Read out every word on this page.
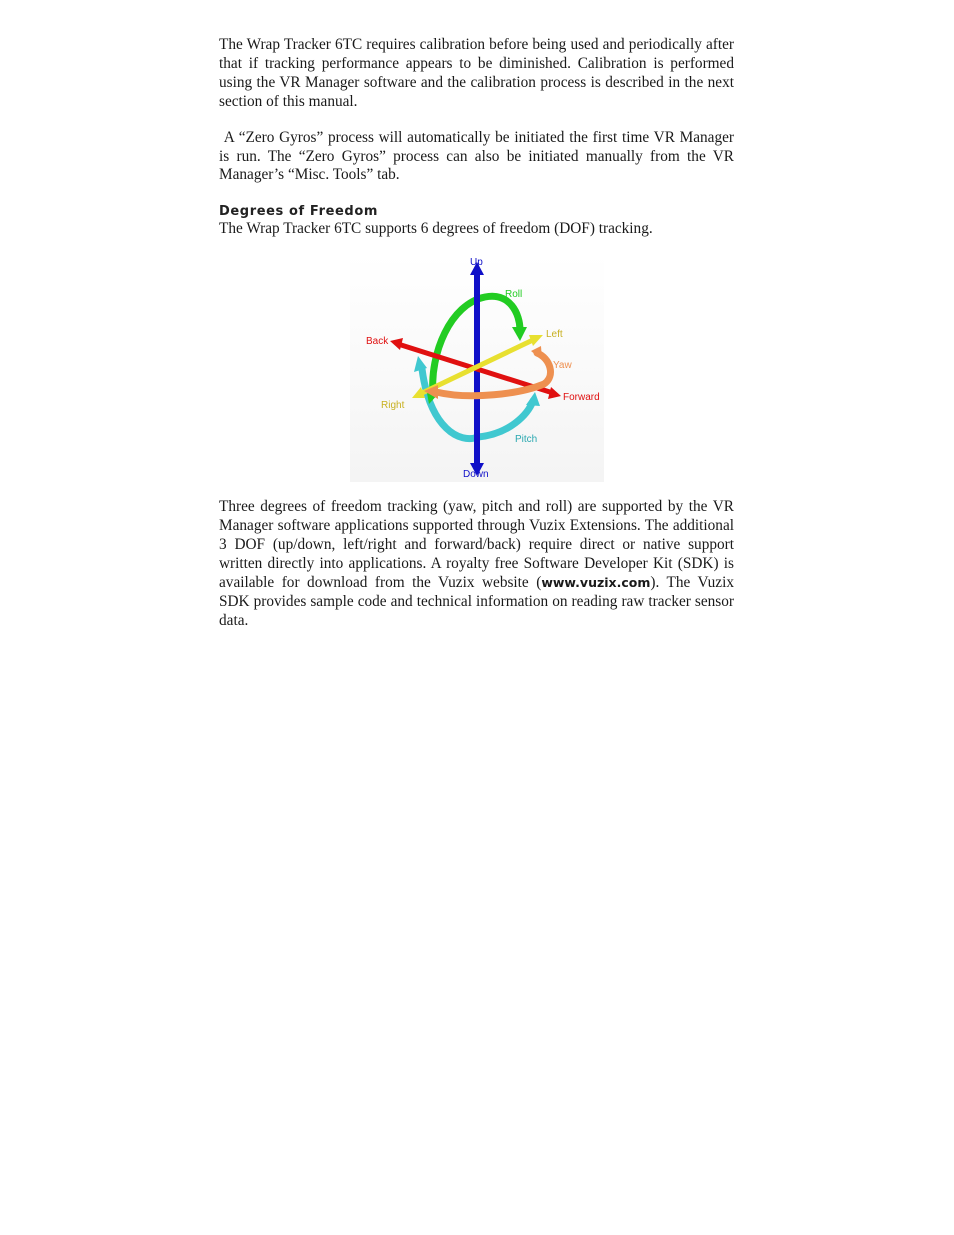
The Wrap Tracker 6TC requires calibration before being used and periodically after that if tracking performance appears to be diminished. Calibration is performed using the VR Manager software and the calibration process is described in the next section of this manual.

A “Zero Gyros” process will automatically be initiated the first time VR Manager is run. The “Zero Gyros” process can also be initiated manually from the VR Manager’s “Misc. Tools” tab.

Degrees of Freedom

The Wrap Tracker 6TC supports 6 degrees of freedom (DOF) tracking.

Up
Roll
Left
Back
Yaw
Forward
Right
Pitch
Down

Three degrees of freedom tracking (yaw, pitch and roll) are supported by the VR Manager software applications supported through Vuzix Extensions. The additional 3 DOF (up/down, left/right and forward/back) require direct or native support written directly into applications. A royalty free Software Developer Kit (SDK) is available for download from the Vuzix website (www.vuzix.com). The Vuzix SDK provides sample code and technical information on reading raw tracker sensor data.
